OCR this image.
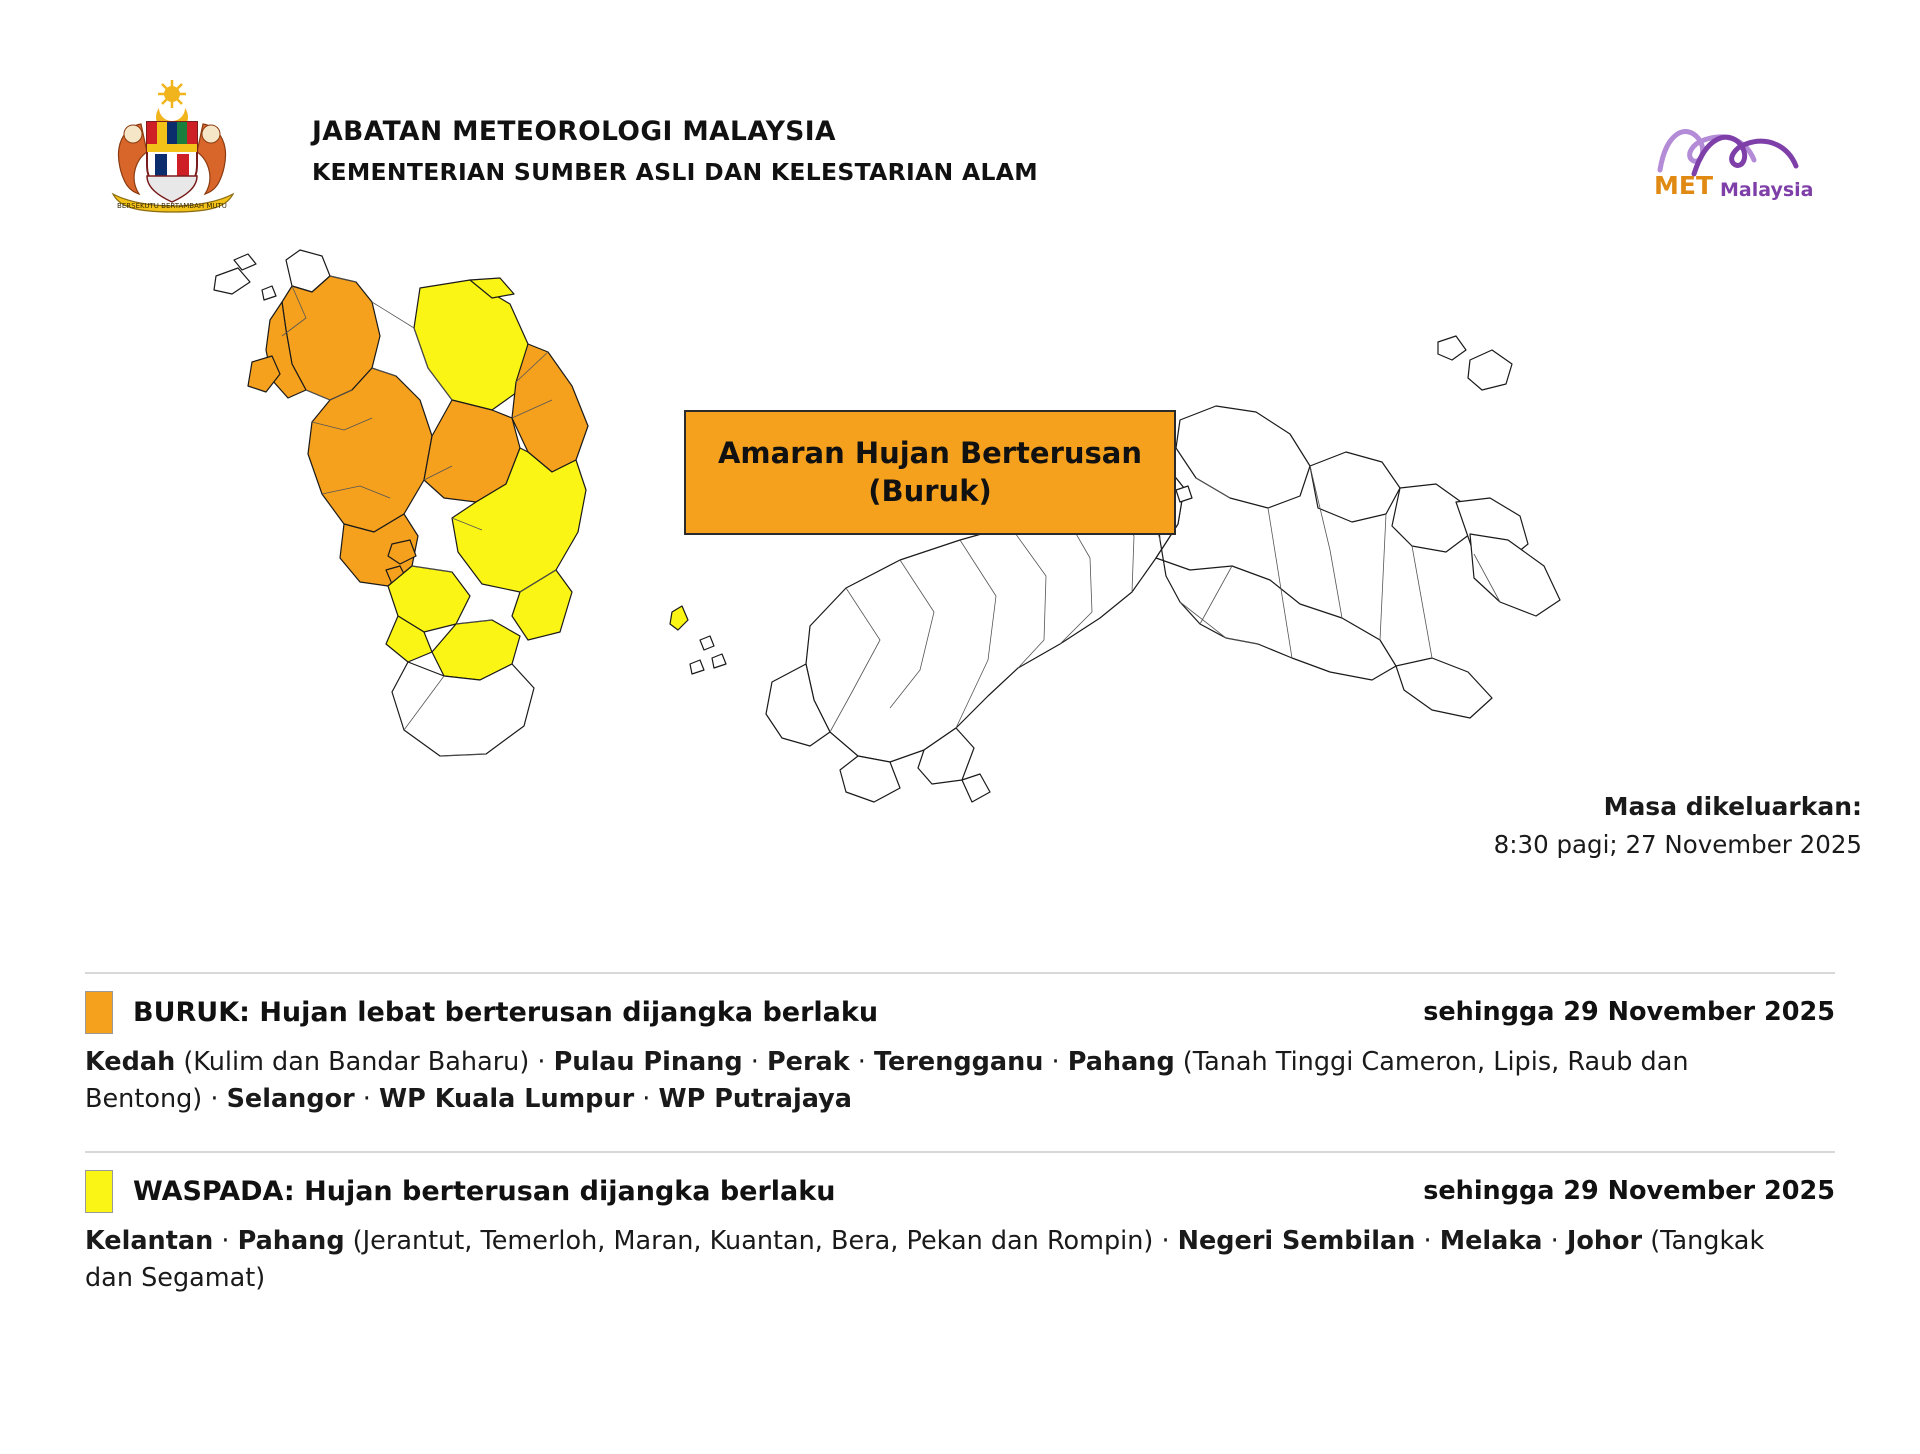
BERSEKUTU BERTAMBAH MUTU
JABATAN METEOROLOGI MALAYSIA
KEMENTERIAN SUMBER ASLI DAN KELESTARIAN ALAM	MET Malaysia
Amaran Hujan Berterusan
(Buruk)
Masa dikeluarkan:
8:30 pagi; 27 November 2025
BURUK: Hujan lebat berterusan dijangka berlaku	sehingga 29 November 2025
Kedah (Kulim dan Bandar Baharu) · Pulau Pinang · Perak · Terengganu · Pahang (Tanah Tinggi Cameron, Lipis, Raub dan Bentong) · Selangor · WP Kuala Lumpur · WP Putrajaya
WASPADA: Hujan berterusan dijangka berlaku	sehingga 29 November 2025
Kelantan · Pahang (Jerantut, Temerloh, Maran, Kuantan, Bera, Pekan dan Rompin) · Negeri Sembilan · Melaka · Johor (Tangkak dan Segamat)
